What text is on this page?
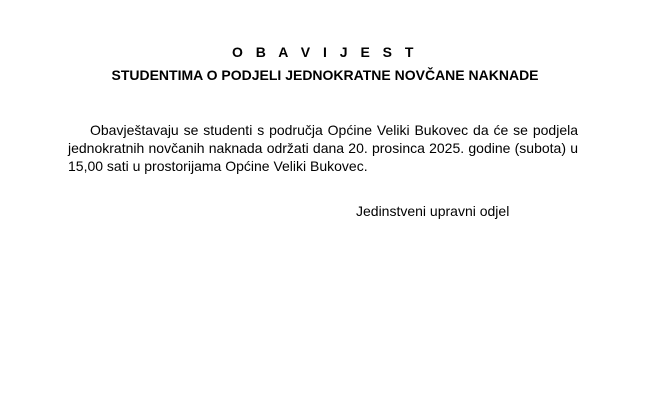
O B A V I J E S T
STUDENTIMA O PODJELI JEDNOKRATNE NOVČANE NAKNADE

Obavještavaju se studenti s područja Općine Veliki Bukovec da će se podjela jednokratnih novčanih naknada održati dana 20. prosinca 2025. godine (subota) u 15,00 sati u prostorijama Općine Veliki Bukovec.

Jedinstveni upravni odjel
